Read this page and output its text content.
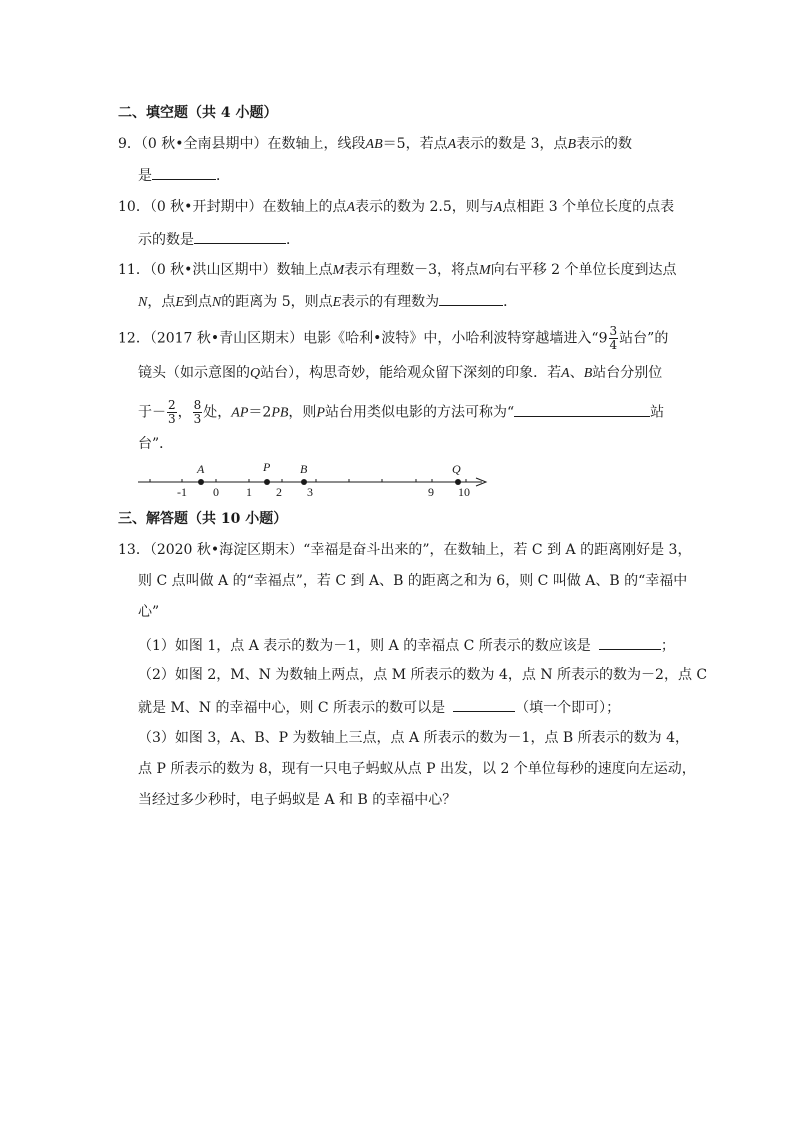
二、填空题（共 4 小题）
9．（0 秋•全南县期中）在数轴上，线段AB＝5，若点A表示的数是 3，点B表示的数
是	．
10．（0 秋•开封期中）在数轴上的点A表示的数为 2.5，则与A点相距 3 个单位长度的点表
示的数是	．
11．（0 秋•洪山区期中）数轴上点M表示有理数－3，将点M向右平移 2 个单位长度到达点
N，点E到点N的距离为 5，则点E表示的有理数为	．
12．（2017 秋•青山区期末）电影《哈利•波特》中，小哈利波特穿越墙进入“$9 \frac{3}{4}$ 站台”的
镜头（如示意图的Q站台），构思奇妙，能给观众留下深刻的印象．若A、B站台分别位
于－ $\frac{2}{3}$ ， $\frac{8}{3}$ 处，AP＝2PB，则P站台用类似电影的方法可称为“	站
台”．
A	P B	Q
-1 0 1 2 3	9 10
三、解答题（共 10 小题）
13．（2020 秋•海淀区期末）“幸福是奋斗出来的”，在数轴上，若 C 到 A 的距离刚好是 3，
则 C 点叫做 A 的“幸福点”，若 C 到 A、B 的距离之和为 6，则 C 叫做 A、B 的“幸福中
心”
（1）如图 1，点 A 表示的数为－1，则 A 的幸福点 C 所表示的数应该是	；
（2）如图 2，M、N 为数轴上两点，点 M 所表示的数为 4，点 N 所表示的数为－2，点 C
就是 M、N 的幸福中心，则 C 所表示的数可以是	（填一个即可）；
（3）如图 3，A、B、P 为数轴上三点，点 A 所表示的数为－1，点 B 所表示的数为 4，
点 P 所表示的数为 8，现有一只电子蚂蚁从点 P 出发，以 2 个单位每秒的速度向左运动，
当经过多少秒时，电子蚂蚁是 A 和 B 的幸福中心？
